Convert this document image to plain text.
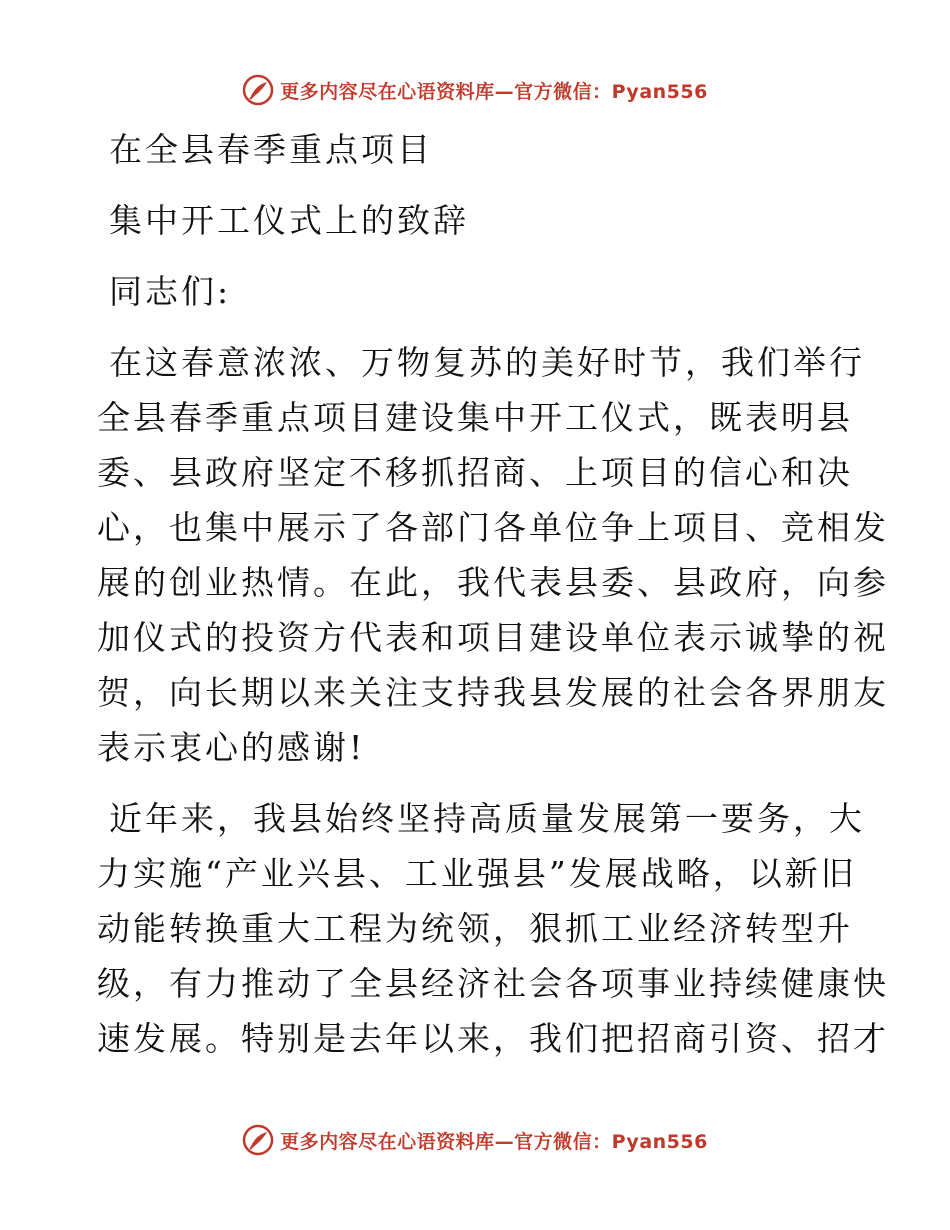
更多内容尽在心语资料库—官方微信：Pyan556

在全县春季重点项目

集中开工仪式上的致辞

同志们:

在这春意浓浓、万物复苏的美好时节，我们举行

全县春季重点项目建设集中开工仪式，既表明县

委、县政府坚定不移抓招商、上项目的信心和决

心，也集中展示了各部门各单位争上项目、竞相发

展的创业热情。在此，我代表县委、县政府，向参

加仪式的投资方代表和项目建设单位表示诚挚的祝

贺，向长期以来关注支持我县发展的社会各界朋友

表示衷心的感谢!

近年来，我县始终坚持高质量发展第一要务，大

力实施“产业兴县、工业强县”发展战略，以新旧

动能转换重大工程为统领，狠抓工业经济转型升

级，有力推动了全县经济社会各项事业持续健康快

速发展。特别是去年以来，我们把招商引资、招才

更多内容尽在心语资料库—官方微信：Pyan556
